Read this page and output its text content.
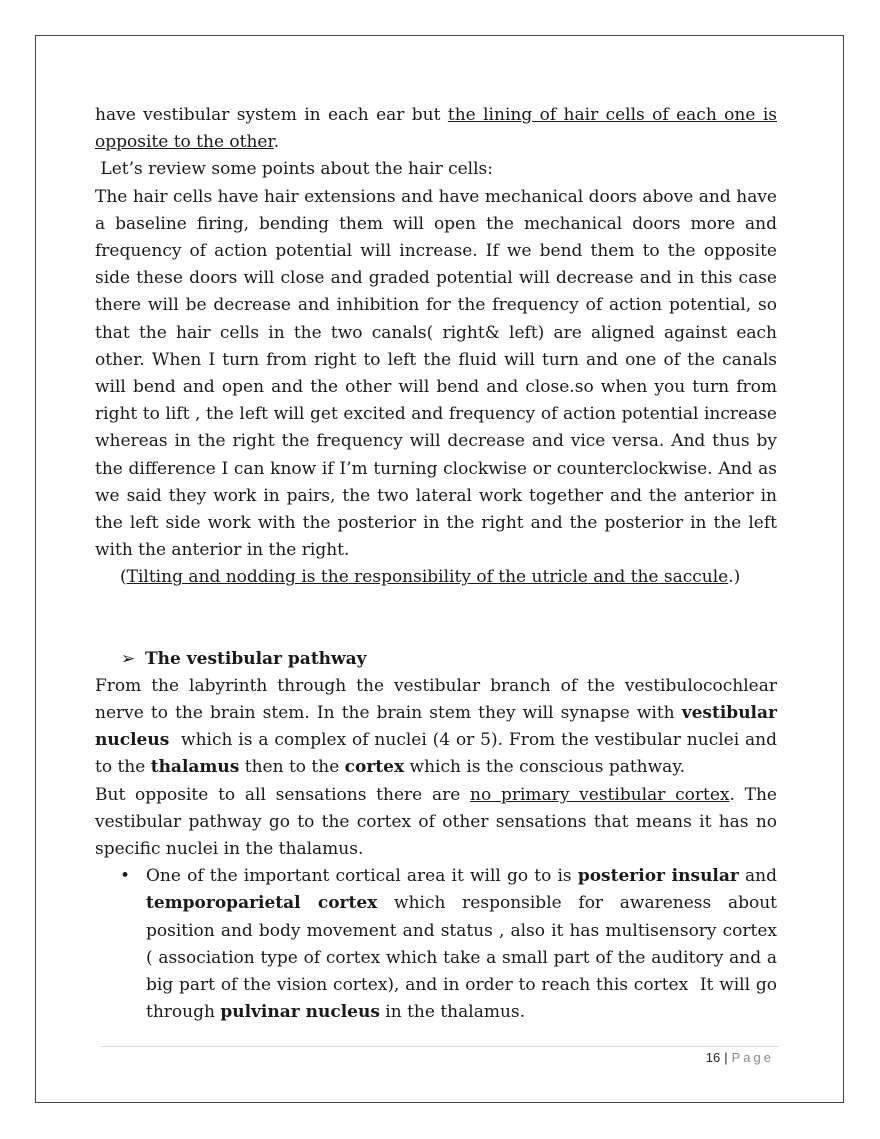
have vestibular system in each ear but the lining of hair cells of each one is opposite to the other.

Let’s review some points about the hair cells:

The hair cells have hair extensions and have mechanical doors above and have a baseline firing, bending them will open the mechanical doors more and frequency of action potential will increase. If we bend them to the opposite side these doors will close and graded potential will decrease and in this case there will be decrease and inhibition for the frequency of action potential, so that the hair cells in the two canals( right& left) are aligned against each other. When I turn from right to left the fluid will turn and one of the canals will bend and open and the other will bend and close.so when you turn from right to lift , the left will get excited and frequency of action potential increase whereas in the right the frequency will decrease and vice versa. And thus by the difference I can know if I’m turning clockwise or counterclockwise. And as we said they work in pairs, the two lateral work together and the anterior in the left side work with the posterior in the right and the posterior in the left with the anterior in the right.

(Tilting and nodding is the responsibility of the utricle and the saccule.)

➢ The vestibular pathway

From the labyrinth through the vestibular branch of the vestibulocochlear nerve to the brain stem. In the brain stem they will synapse with vestibular nucleus  which is a complex of nuclei (4 or 5). From the vestibular nuclei and to the thalamus then to the cortex which is the conscious pathway.

But opposite to all sensations there are no primary vestibular cortex. The vestibular pathway go to the cortex of other sensations that means it has no specific nuclei in the thalamus.

• One of the important cortical area it will go to is posterior insular and temporoparietal cortex which responsible for awareness about position and body movement and status , also it has multisensory cortex ( association type of cortex which take a small part of the auditory and a big part of the vision cortex), and in order to reach this cortex  It will go through pulvinar nucleus in the thalamus.
16 | Page
